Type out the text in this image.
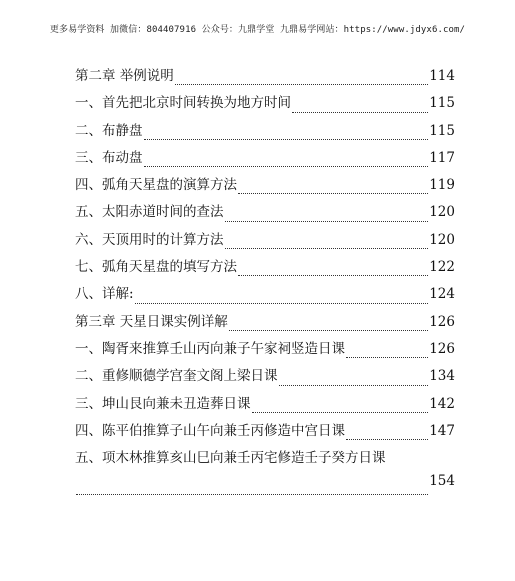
更多易学资料 加微信：804407916 公众号：九鼎学堂 九鼎易学网站：https://www.jdyx6.com/
第二章 举例说明	114
一、首先把北京时间转换为地方时间	115
二、布静盘	115
三、布动盘	117
四、弧角天星盘的演算方法	119
五、太阳赤道时间的查法	120
六、天顶用时的计算方法	120
七、弧角天星盘的填写方法	122
八、详解:	124
第三章 天星日课实例详解	126
一、陶胥来推算壬山丙向兼子午家祠竖造日课	126
二、重修顺德学宫奎文阁上梁日课	134
三、坤山艮向兼未丑造葬日课	142
四、陈平伯推算子山午向兼壬丙修造中宫日课	147
五、项木林推算亥山巳向兼壬丙宅修造壬子癸方日课
154
